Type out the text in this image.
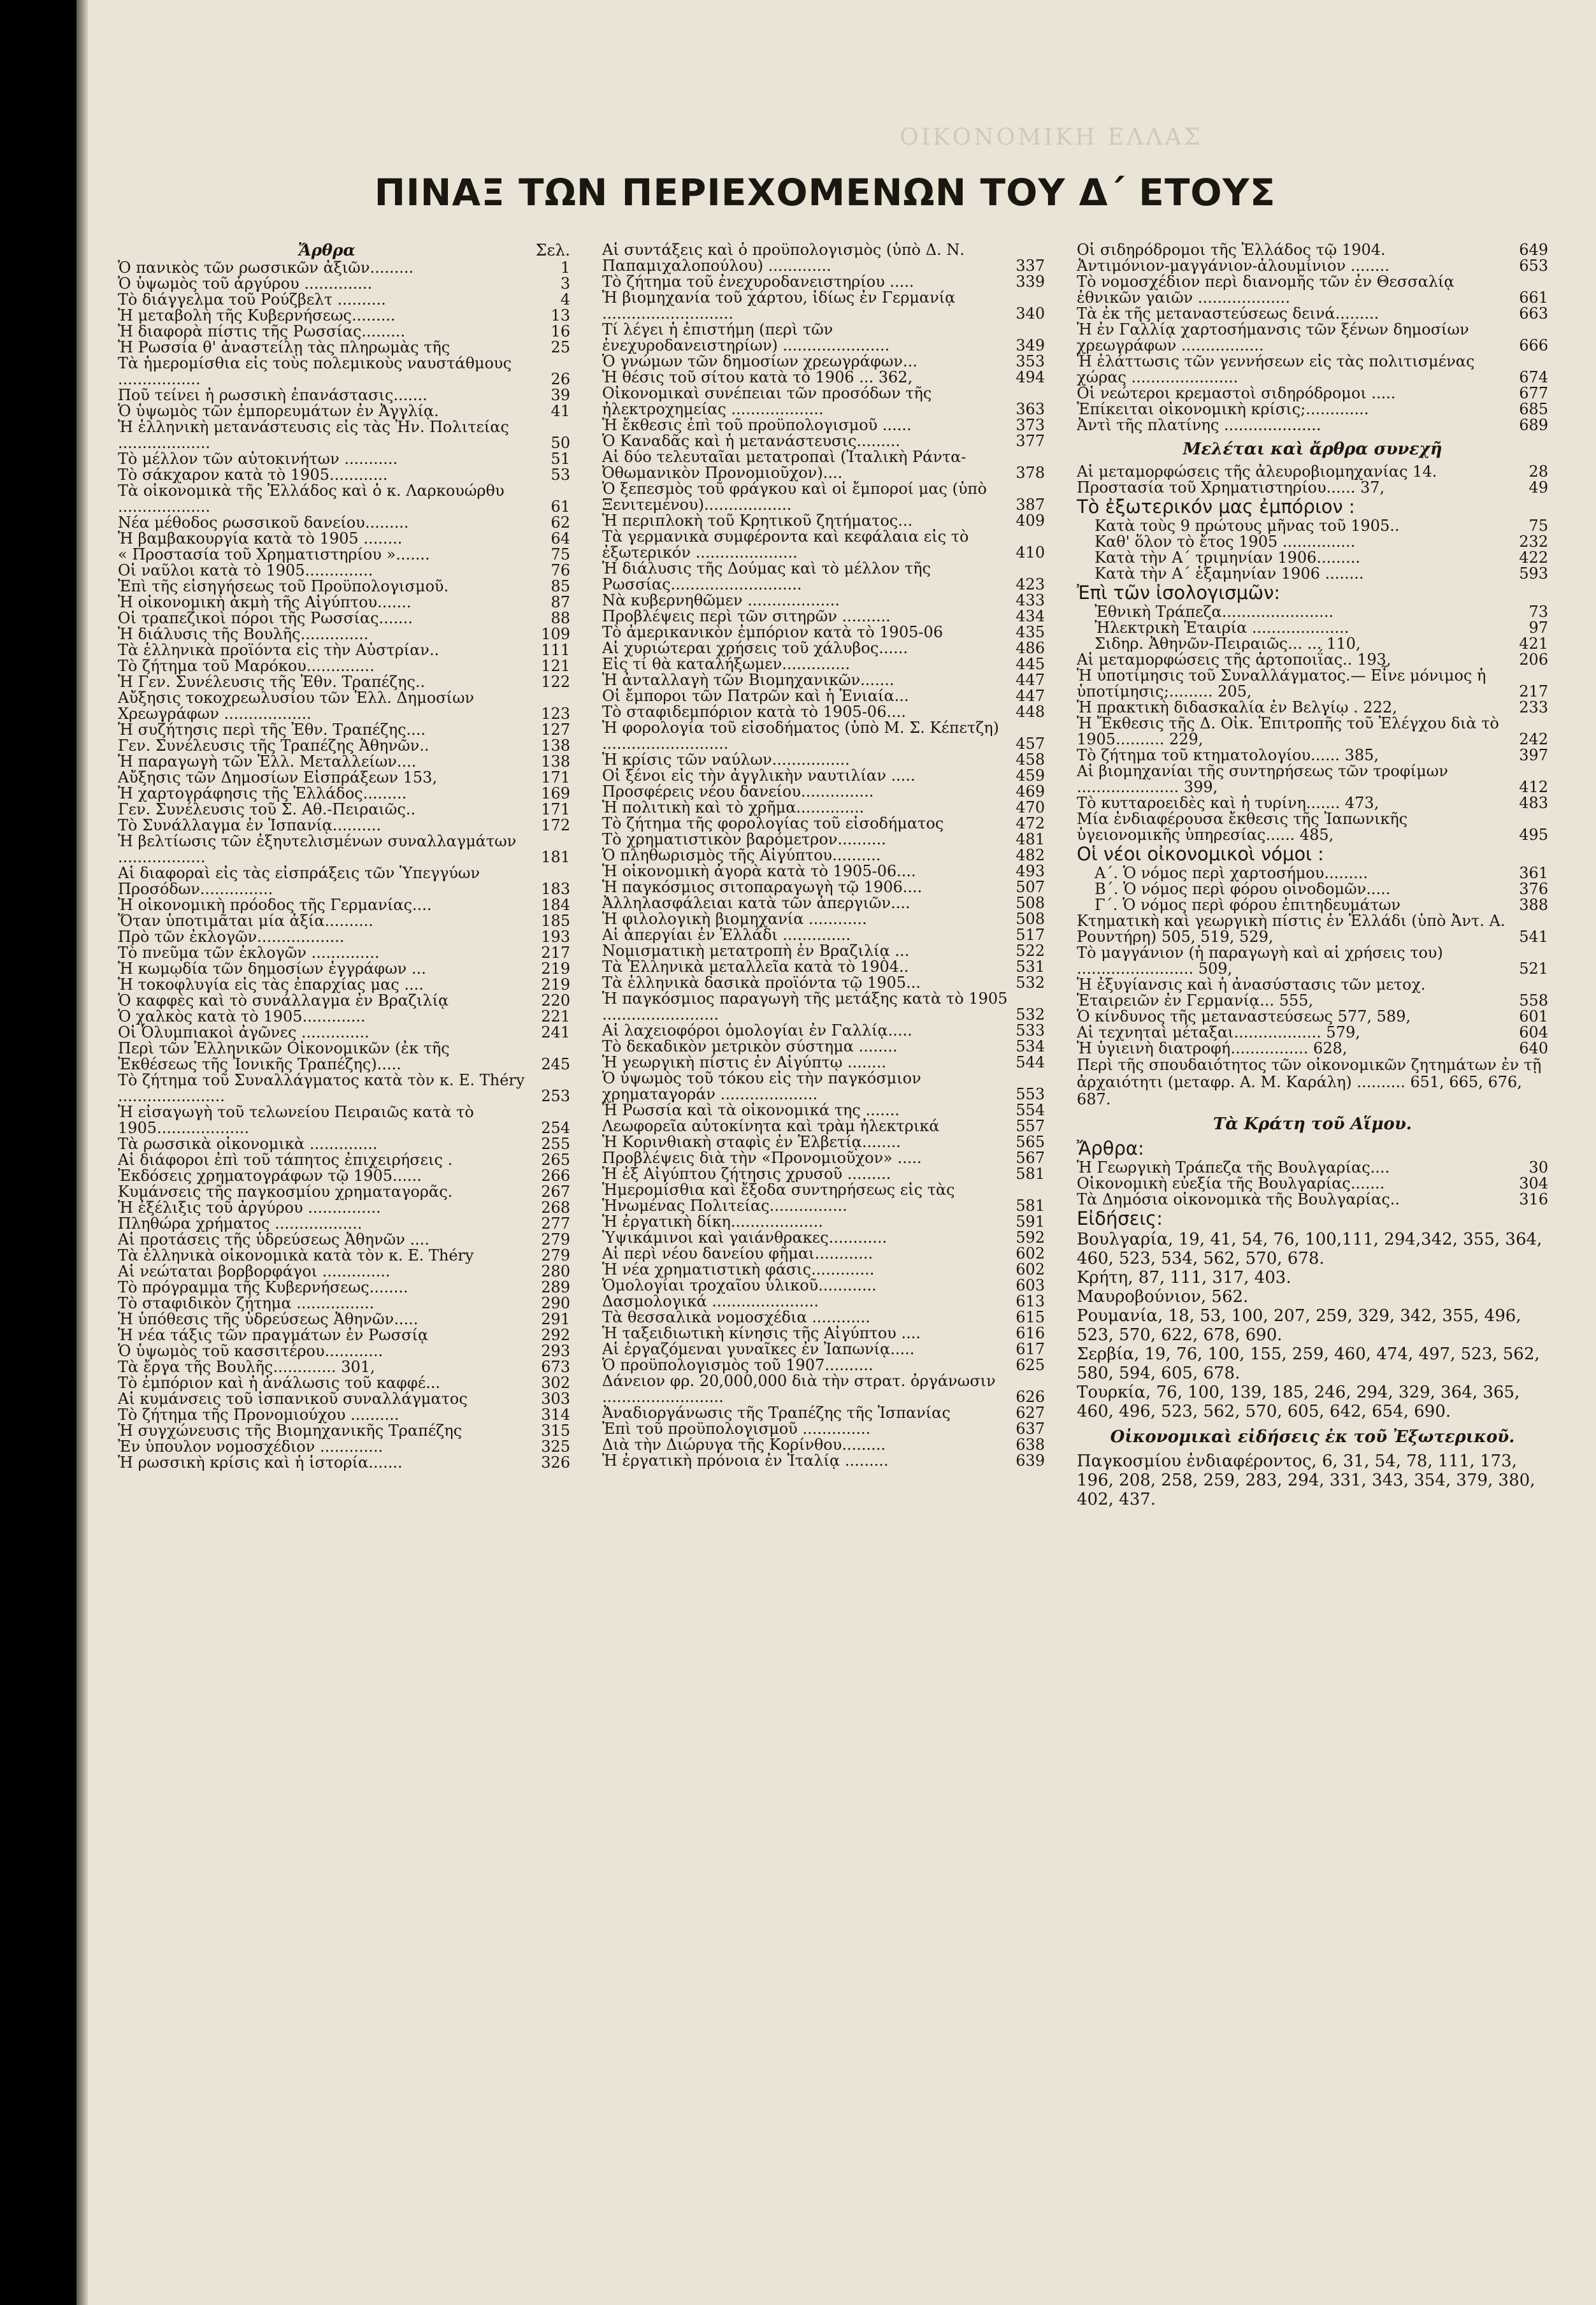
ΟΙΚΟΝΟΜΙΚΗ ΕΛΛΑΣ
ΠΙΝΑΞ ΤΩΝ ΠΕΡΙΕΧΟΜΕΝΩΝ ΤΟΥ Δ΄ ΕΤΟΥΣ
Ἄρθρα	Σελ.
Ὁ πανικὸς τῶν ρωσσικῶν ἀξιῶν.........	1
Ὁ ὑψωμὸς τοῦ ἀργύρου ..............	3
Τὸ διάγγελμα τοῦ Ρούζβελτ ..........	4
Ἡ μεταβολὴ τῆς Κυβερνήσεως.........	13
Ἡ διαφορὰ πίστις τῆς Ρωσσίας.........	16
Ἡ Ρωσσία θ' ἀναστείλῃ τὰς πληρωμὰς τῆς	25
Τὰ ἡμερομίσθια εἰς τοὺς πολεμικοὺς ναυστάθμους .................	26
Ποῦ τείνει ἡ ρωσσικὴ ἐπανάστασις.......	39
Ὁ ὑψωμὸς τῶν ἐμπορευμάτων ἐν Ἀγγλίᾳ.	41
Ἡ ἑλληνικὴ μετανάστευσις εἰς τὰς Ἡν. Πολιτείας ...................	50
Τὸ μέλλον τῶν αὐτοκινήτων ...........	51
Τὸ σάκχαρον κατὰ τὸ 1905............	53
Τὰ οἰκονομικὰ τῆς Ἑλλάδος καὶ ὁ κ. Λαρκουώρθυ ...................	61
Νέα μέθοδος ρωσσικοῦ δανείου.........	62
Ἡ βαμβακουργία κατὰ τὸ 1905 ........	64
« Προστασία τοῦ Χρηματιστηρίου ».......	75
Οἱ ναῦλοι κατὰ τὸ 1905..............	76
Ἐπὶ τῆς εἰσηγήσεως τοῦ Προϋπολογισμοῦ.	85
Ἡ οἰκονομικὴ ἀκμὴ τῆς Αἰγύπτου.......	87
Οἱ τραπεζικοὶ πόροι τῆς Ρωσσίας.......	88
Ἡ διάλυσις τῆς Βουλῆς..............	109
Τὰ ἑλληνικὰ προϊόντα εἰς τὴν Αὐστρίαν..	111
Τὸ ζήτημα τοῦ Μαρόκου..............	121
Ἡ Γεν. Συνέλευσις τῆς Ἐθν. Τραπέζης..	122
Αὔξησις τοκοχρεωλυσίου τῶν Ἑλλ. Δημοσίων Χρεωγράφων ..................	123
Ἡ συζήτησις περὶ τῆς Ἐθν. Τραπέζης....	127
Γεν. Συνέλευσις τῆς Τραπέζης Ἀθηνῶν..	138
Ἡ παραγωγὴ τῶν Ἑλλ. Μεταλλείων....	138
Αὔξησις τῶν Δημοσίων Εἰσπράξεων 153,	171
Ἡ χαρτογράφησις τῆς Ἑλλάδος.........	169
Γεν. Συνέλευσις τοῦ Σ. Αθ.-Πειραιῶς..	171
Τὸ Συνάλλαγμα ἐν Ἱσπανίᾳ..........	172
Ἡ βελτίωσις τῶν ἐξηυτελισμένων συναλλαγμάτων ..................	181
Αἱ διαφοραὶ εἰς τὰς εἰσπράξεις τῶν Ὑπεγγύων Προσόδων...............	183
Ἡ οἰκονομικὴ πρόοδος τῆς Γερμανίας....	184
Ὅταν ὑποτιμᾶται μία ἀξία..........	185
Πρὸ τῶν ἐκλογῶν..................	193
Τὸ πνεῦμα τῶν ἐκλογῶν ..............	217
Ἡ κωμῳδία τῶν δημοσίων ἐγγράφων ...	219
Ἡ τοκοφλυγία εἰς τὰς ἐπαρχίας μας ....	219
Ὁ καφφὲς καὶ τὸ συνάλλαγμα ἐν Βραζιλίᾳ	220
Ὁ χαλκὸς κατὰ τὸ 1905.............	221
Οἱ Ὀλυμπιακοὶ ἀγῶνες ..............	241
Περὶ τῶν Ἑλληνικῶν Οἰκονομικῶν (ἐκ τῆς Ἐκθέσεως τῆς Ἰονικῆς Τραπέζης).....	245
Τὸ ζήτημα τοῦ Συναλλάγματος κατὰ τὸν κ. Ε. Théry ......................	253
Ἡ εἰσαγωγὴ τοῦ τελωνείου Πειραιῶς κατὰ τὸ 1905...................	254
Τὰ ρωσσικὰ οἰκονομικὰ ..............	255
Αἱ διάφοροι ἐπὶ τοῦ τάπητος ἐπιχειρήσεις .	265
Ἐκδόσεις χρηματογράφων τῷ 1905......	266
Κυμάνσεις τῆς παγκοσμίου χρηματαγορᾶς.	267
Ἡ ἐξέλιξις τοῦ ἀργύρου ...............	268
Πληθώρα χρήματος ..................	277
Αἱ προτάσεις τῆς ὑδρεύσεως Ἀθηνῶν ....	279
Τὰ ἑλληνικὰ οἰκονομικὰ κατὰ τὸν κ. Ε. Théry	279
Αἱ νεώταται βορβορφάγοι ..............	280
Τὸ πρόγραμμα τῆς Κυβερνήσεως........	289
Τὸ σταφιδικὸν ζήτημα ................	290
Ἡ ὑπόθεσις τῆς ὑδρεύσεως Ἀθηνῶν.....	291
Ἡ νέα τάξις τῶν πραγμάτων ἐν Ρωσσίᾳ	292
Ὁ ὑψωμὸς τοῦ κασσιτέρου............	293
Τὰ ἔργα τῆς Βουλῆς............. 301,	673
Τὸ ἐμπόριον καὶ ἡ ἀνάλωσις τοῦ καφφέ...	302
Αἱ κυμάνσεις τοῦ ἱσπανικοῦ συναλλάγματος	303
Τὸ ζήτημα τῆς Προνομιούχου ..........	314
Ἡ συγχώνευσις τῆς Βιομηχανικῆς Τραπέζης	315
Ἐν ὑπουλον νομοσχέδιον .............	325
Ἡ ρωσσικὴ κρίσις καὶ ἡ ἱστορία.......	326
Αἱ συντάξεις καὶ ὁ προϋπολογισμὸς (ὑπὸ Δ. Ν. Παπαμιχαλοπούλου) .............	337
Τὸ ζήτημα τοῦ ἐνεχυροδανειστηρίου .....	339
Ἡ βιομηχανία τοῦ χάρτου, ἰδίως ἐν Γερμανίᾳ ...........................	340
Τί λέγει ἡ ἐπιστήμη (περὶ τῶν ἐνεχυροδανειστηρίων) ......................	349
Ὁ γνώμων τῶν δημοσίων χρεωγράφων...	353
Ἡ θέσις τοῦ σίτου κατὰ τὸ 1906 ... 362,	494
Οἰκονομικαὶ συνέπειαι τῶν προσόδων τῆς ἠλεκτροχημείας ...................	363
Ἡ ἔκθεσις ἐπὶ τοῦ προϋπολογισμοῦ ......	373
Ὁ Καναδᾶς καὶ ἡ μετανάστευσις.........	377
Αἱ δύο τελευταῖαι μετατροπαὶ (Ἰταλικὴ Ράντα-Ὀθωμανικὸν Προνομιοῦχον)....	378
Ὁ ξεπεσμὸς τοῦ φράγκου καὶ οἱ ἔμποροί μας (ὑπὸ Ξενιτεμένου)..................	387
Ἡ περιπλοκὴ τοῦ Κρητικοῦ ζητήματος...	409
Τὰ γερμανικὰ συμφέροντα καὶ κεφάλαια εἰς τὸ ἐξωτερικόν .....................	410
Ἡ διάλυσις τῆς Δούμας καὶ τὸ μέλλον τῆς Ρωσσίας...........................	423
Νὰ κυβερνηθῶμεν ...................	433
Προβλέψεις περὶ τῶν σιτηρῶν ..........	434
Τὸ ἀμερικανικὸν ἐμπόριον κατὰ τὸ 1905-06	435
Αἱ χυριώτεραι χρήσεις τοῦ χάλυβος......	486
Εἰς τί θὰ καταλήξωμεν..............	445
Ἡ ἀνταλλαγὴ τῶν Βιομηχανικῶν.......	447
Οἱ ἔμποροι τῶν Πατρῶν καὶ ἡ Ἑνιαία...	447
Τὸ σταφιδεμπόριον κατὰ τὸ 1905-06....	448
Ἡ φορολογία τοῦ εἰσοδήματος (ὑπὸ Μ. Σ. Κέπετζη) ..........................	457
Ἡ κρίσις τῶν ναύλων................	458
Οἱ ξένοι εἰς τὴν ἀγγλικὴν ναυτιλίαν .....	459
Προσφέρεις νέου δανείου...............	469
Ἡ πολιτικὴ καὶ τὸ χρῆμα..............	470
Τὸ ζήτημα τῆς φορολογίας τοῦ εἰσοδήματος	472
Τὸ χρηματιστικὸν βαρόμετρον..........	481
Ὁ πληθωρισμὸς τῆς Αἰγύπτου..........	482
Ἡ οἰκονομικὴ ἀγορὰ κατὰ τὸ 1905-06....	493
Ἡ παγκόσμιος σιτοπαραγωγὴ τῷ 1906....	507
Ἀλληλασφάλειαι κατὰ τῶν ἀπεργιῶν....	508
Ἡ φιλολογικὴ βιομηχανία ............	508
Αἱ ἀπεργίαι ἐν Ἑλλάδι ..............	517
Νομισματικὴ μετατροπὴ ἐν Βραζιλίᾳ ...	522
Τὰ Ἑλληνικὰ μεταλλεῖα κατὰ τὸ 1904..	531
Τὰ ἑλληνικὰ δασικὰ προϊόντα τῷ 1905...	532
Ἡ παγκόσμιος παραγωγὴ τῆς μετάξης κατὰ τὸ 1905 ........................	532
Αἱ λαχειοφόροι ὁμολογίαι ἐν Γαλλίᾳ.....	533
Τὸ δεκαδικὸν μετρικὸν σύστημα ........	534
Ἡ γεωργικὴ πίστις ἐν Αἰγύπτῳ ........	544
Ὁ ὑψωμὸς τοῦ τόκου εἰς τὴν παγκόσμιον χρηματαγοράν ....................	553
Ἡ Ρωσσία καὶ τὰ οἰκονομικά της .......	554
Λεωφορεῖα αὐτοκίνητα καὶ τρὰμ ἠλεκτρικά	557
Ἡ Κορινθιακὴ σταφὶς ἐν Ἑλβετίᾳ........	565
Προβλέψεις διὰ τὴν «Προνομιοῦχον» .....	567
Ἡ ἐξ Αἰγύπτου ζήτησις χρυσοῦ .........	581
Ἡμερομίσθια καὶ ἔξοδα συντηρήσεως εἰς τὰς Ἡνωμένας Πολιτείας................	581
Ἡ ἐργατικὴ δίκη...................	591
Ὑψικάμινοι καὶ γαιάνθρακες............	592
Αἱ περὶ νέου δανείου φῆμαι............	602
Ἡ νέα χρηματιστικὴ φάσις.............	602
Ὁμολογίαι τροχαῖου ὑλικοῦ............	603
Δασμολογικά ......................	613
Τὰ θεσσαλικὰ νομοσχέδια ............	615
Ἡ ταξειδιωτικὴ κίνησις τῆς Αἰγύπτου ....	616
Αἱ ἐργαζόμεναι γυναῖκες ἐν Ἰαπωνίᾳ.....	617
Ὁ προϋπολογισμὸς τοῦ 1907..........	625
Δάνειον φρ. 20,000,000 διὰ τὴν στρατ. ὀργάνωσιν .........................	626
Ἀναδιοργάνωσις τῆς Τραπέζης τῆς Ἱσπανίας	627
Ἐπὶ τοῦ προϋπολογισμοῦ ..............	637
Διὰ τὴν Διώρυγα τῆς Κορίνθου.........	638
Ἡ ἐργατικὴ πρόνοια ἐν Ἰταλίᾳ .........	639
Οἱ σιδηρόδρομοι τῆς Ἑλλάδος τῷ 1904.	649
Ἀντιμόνιον-μαγγάνιον-ἀλουμίνιον ........	653
Τὸ νομοσχέδιον περὶ διανομῆς τῶν ἐν Θεσσαλίᾳ ἐθνικῶν γαιῶν ...................	661
Τὰ ἐκ τῆς μεταναστεύσεως δεινά.........	663
Ἡ ἐν Γαλλίᾳ χαρτοσήμανσις τῶν ξένων δημοσίων χρεωγράφων .................	666
Ἡ ἐλάττωσις τῶν γεννήσεων εἰς τὰς πολιτισμένας χώρας ......................	674
Οἱ νεώτεροι κρεμαστοὶ σιδηρόδρομοι .....	677
Ἐπίκειται οἰκονομικὴ κρίσις;.............	685
Ἀντὶ τῆς πλατίνης ....................	689
Μελέται καὶ ἄρθρα συνεχῆ
Αἱ μεταμορφώσεις τῆς ἀλευροβιομηχανίας 14.	28
Προστασία τοῦ Χρηματιστηρίου...... 37,	49
Τὸ ἐξωτερικόν μας ἐμπόριον :
Κατὰ τοὺς 9 πρώτους μῆνας τοῦ 1905..	75
Καθ' ὅλον τὸ ἔτος 1905 ...............	232
Κατὰ τὴν Α΄ τριμηνίαν 1906.........	422
Κατὰ τὴν Α΄ ἑξαμηνίαν 1906 ........	593
Ἐπὶ τῶν ἰσολογισμῶν:
Ἐθνικὴ Τράπεζα.......................	73
Ἠλεκτρικὴ Ἑταιρία ....................	97
Σιδηρ. Ἀθηνῶν-Πειραιῶς... ... 110,	421
Αἱ μεταμορφώσεις τῆς ἀρτοποιΐας.. 193,	206
Ἡ ὑποτίμησις τοῦ Συναλλάγματος.— Εἶνε μόνιμος ἡ ὑποτίμησις;......... 205,	217
Ἡ πρακτικὴ διδασκαλία ἐν Βελγίῳ . 222,	233
Ἡ Ἔκθεσις τῆς Δ. Οἰκ. Ἐπιτροπῆς τοῦ Ἐλέγχου διὰ τὸ 1905.......... 229,	242
Τὸ ζήτημα τοῦ κτηματολογίου...... 385,	397
Αἱ βιομηχανίαι τῆς συντηρήσεως τῶν τροφίμων ..................... 399,	412
Τὸ κυτταροειδὲς καὶ ἡ τυρίνη....... 473,	483
Μία ἐνδιαφέρουσα ἔκθεσις τῆς Ἰαπωνικῆς ὑγειονομικῆς ὑπηρεσίας...... 485,	495
Οἱ νέοι οἰκονομικοὶ νόμοι :
Α΄. Ὁ νόμος περὶ χαρτοσήμου.........	361
Β΄. Ὁ νόμος περὶ φόρου οἰνοδομῶν.....	376
Γ΄. Ὁ νόμος περὶ φόρου ἐπιτηδευμάτων	388
Κτηματικὴ καὶ γεωργικὴ πίστις ἐν Ἑλλάδι (ὑπὸ Ἀντ. Α. Ρουντήρη) 505, 519, 529,	541
Τὸ μαγγάνιον (ἡ παραγωγὴ καὶ αἱ χρήσεις του) ........................ 509,	521
Ἡ ἐξυγίανσις καὶ ἡ ἀνασύστασις τῶν μετοχ. Ἑταιρειῶν ἐν Γερμανίᾳ... 555,	558
Ὁ κίνδυνος τῆς μεταναστεύσεως 577, 589,	601
Αἱ τεχνηταὶ μέταξαι.................. 579,	604
Ἡ ὑγιεινὴ διατροφή................ 628,	640
Περὶ τῆς σπουδαιότητος τῶν οἰκονομικῶν ζητημάτων ἐν τῇ ἀρχαιότητι (μεταφρ. Α. Μ. Καράλη) .......... 651, 665, 676, 687.
Τὰ Κράτη τοῦ Αἵμου.
Ἄρθρα:
Ἡ Γεωργικὴ Τράπεζα τῆς Βουλγαρίας....	30
Οἰκονομικὴ εὐεξία τῆς Βουλγαρίας.......	304
Τὰ Δημόσια οἰκονομικὰ τῆς Βουλγαρίας..	316
Εἰδήσεις:
Βουλγαρία, 19, 41, 54, 76, 100,111, 294,342, 355, 364, 460, 523, 534, 562, 570, 678.
Κρήτη, 87, 111, 317, 403.
Μαυροβούνιον, 562.
Ρουμανία, 18, 53, 100, 207, 259, 329, 342, 355, 496, 523, 570, 622, 678, 690.
Σερβία, 19, 76, 100, 155, 259, 460, 474, 497, 523, 562, 580, 594, 605, 678.
Τουρκία, 76, 100, 139, 185, 246, 294, 329, 364, 365, 460, 496, 523, 562, 570, 605, 642, 654, 690.
Οἰκονομικαὶ εἰδήσεις ἐκ τοῦ Ἐξωτερικοῦ.
Παγκοσμίου ἐνδιαφέροντος, 6, 31, 54, 78, 111, 173, 196, 208, 258, 259, 283, 294, 331, 343, 354, 379, 380, 402, 437.
